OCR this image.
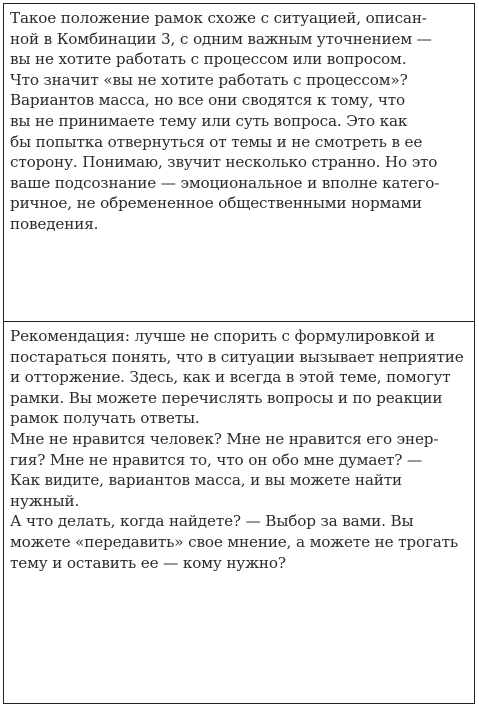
Такое положение рамок схоже с ситуацией, описан-
ной в Комбинации 3, с одним важным уточнением —
вы не хотите работать с процессом или вопросом.
Что значит «вы не хотите работать с процессом»?
Вариантов масса, но все они сводятся к тому, что
вы не принимаете тему или суть вопроса. Это как
бы попытка отвернуться от темы и не смотреть в ее
сторону. Понимаю, звучит несколько странно. Но это
ваше подсознание — эмоциональное и вполне катего-
ричное, не обремененное общественными нормами
поведения.
Рекомендация: лучше не спорить с формулировкой и
постараться понять, что в ситуации вызывает неприятие
и отторжение. Здесь, как и всегда в этой теме, помогут
рамки. Вы можете перечислять вопросы и по реакции
рамок получать ответы.
Мне не нравится человек? Мне не нравится его энер-
гия? Мне не нравится то, что он обо мне думает? —
Как видите, вариантов масса, и вы можете найти
нужный.
А что делать, когда найдете? — Выбор за вами. Вы
можете «передавить» свое мнение, а можете не трогать
тему и оставить ее — кому нужно?
